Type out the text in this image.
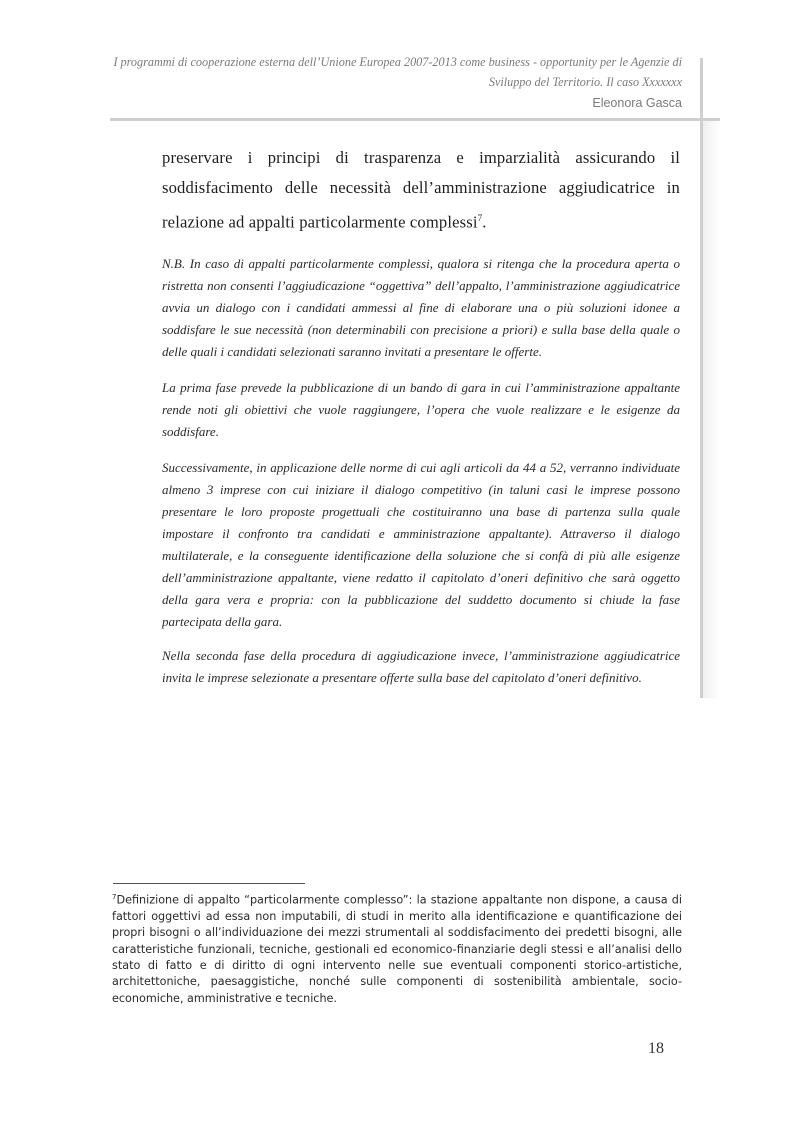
I programmi di cooperazione esterna dell’Unione Europea 2007-2013 come business - opportunity per le Agenzie di
Sviluppo del Territorio. Il caso Xxxxxxx
Eleonora Gasca

preservare i principi di trasparenza e imparzialità assicurando il soddisfacimento delle necessità dell’amministrazione aggiudicatrice in relazione ad appalti particolarmente complessi$^7$.

N.B. In caso di appalti particolarmente complessi, qualora si ritenga che la procedura aperta o ristretta non consenti l’aggiudicazione “oggettiva” dell’appalto, l’amministrazione aggiudicatrice avvia un dialogo con i candidati ammessi al fine di elaborare una o più soluzioni idonee a soddisfare le sue necessità (non determinabili con precisione a priori) e sulla base della quale o delle quali i candidati selezionati saranno invitati a presentare le offerte.

La prima fase prevede la pubblicazione di un bando di gara in cui l’amministrazione appaltante rende noti gli obiettivi che vuole raggiungere, l’opera che vuole realizzare e le esigenze da soddisfare.

Successivamente, in applicazione delle norme di cui agli articoli da 44 a 52, verranno individuate almeno 3 imprese con cui iniziare il dialogo competitivo (in taluni casi le imprese possono presentare le loro proposte progettuali che costituiranno una base di partenza sulla quale impostare il confronto tra candidati e amministrazione appaltante). Attraverso il dialogo multilaterale, e la conseguente identificazione della soluzione che si confà di più alle esigenze dell’amministrazione appaltante, viene redatto il capitolato d’oneri definitivo che sarà oggetto della gara vera e propria: con la pubblicazione del suddetto documento si chiude la fase partecipata della gara.

Nella seconda fase della procedura di aggiudicazione invece, l’amministrazione aggiudicatrice invita le imprese selezionate a presentare offerte sulla base del capitolato d’oneri definitivo.

$^7$Definizione di appalto “particolarmente complesso”: la stazione appaltante non dispone, a causa di fattori oggettivi ad essa non imputabili, di studi in merito alla identificazione e quantificazione dei propri bisogni o all’individuazione dei mezzi strumentali al soddisfacimento dei predetti bisogni, alle caratteristiche funzionali, tecniche, gestionali ed economico-finanziarie degli stessi e all’analisi dello stato di fatto e di diritto di ogni intervento nelle sue eventuali componenti storico-artistiche, architettoniche, paesaggistiche, nonché sulle componenti di sostenibilità ambientale, socio-economiche, amministrative e tecniche.

18
